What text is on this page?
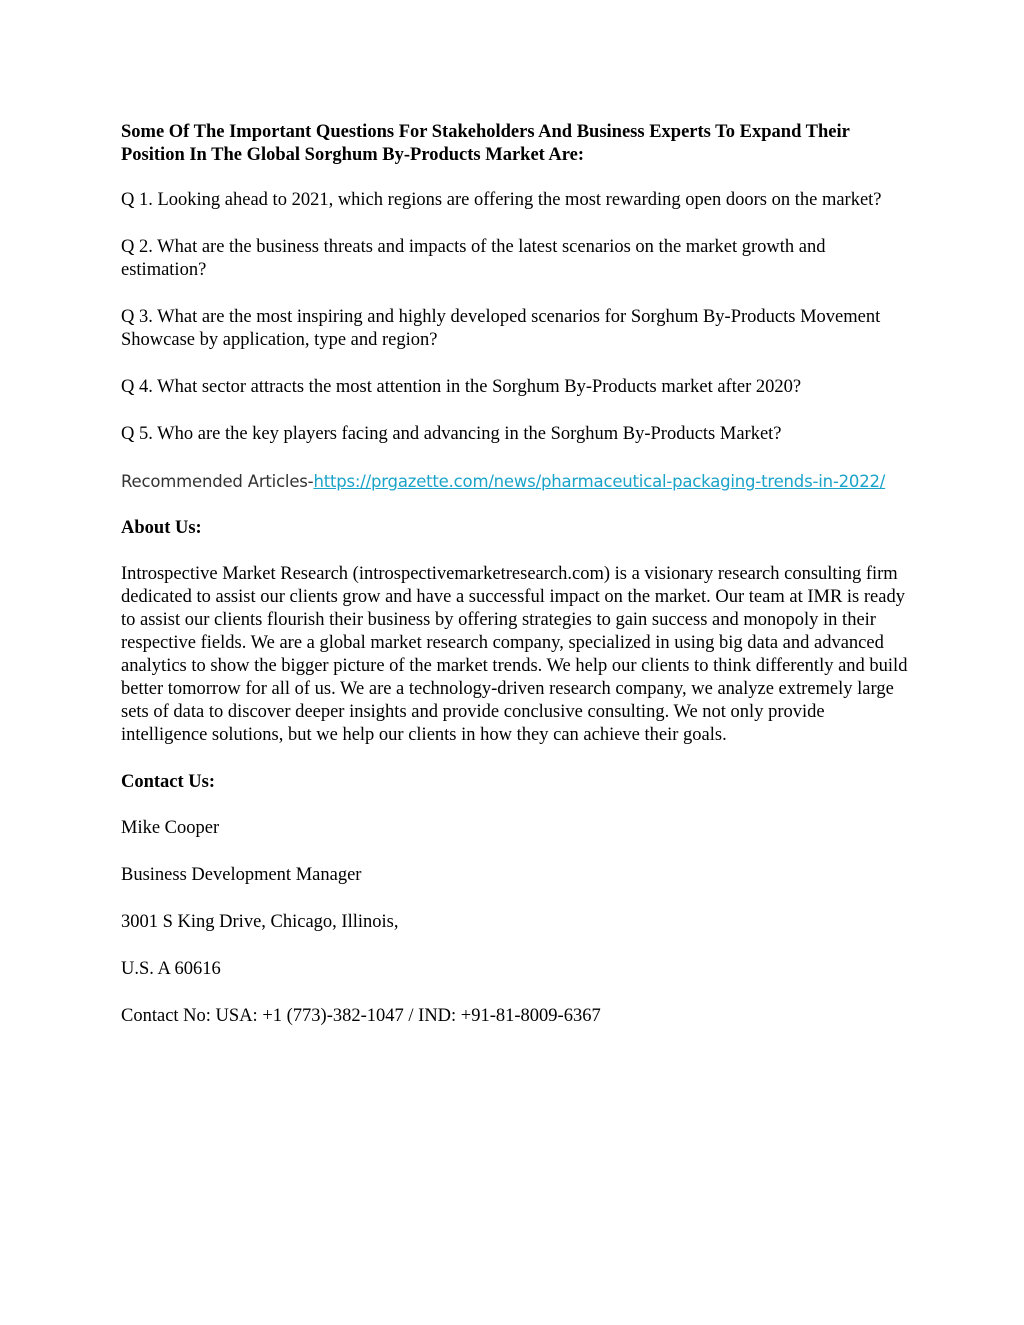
Some Of The Important Questions For Stakeholders And Business Experts To Expand Their Position In The Global Sorghum By-Products Market Are:
Q 1. Looking ahead to 2021, which regions are offering the most rewarding open doors on the market?
Q 2. What are the business threats and impacts of the latest scenarios on the market growth and estimation?
Q 3. What are the most inspiring and highly developed scenarios for Sorghum By-Products Movement Showcase by application, type and region?
Q 4. What sector attracts the most attention in the Sorghum By-Products market after 2020?
Q 5. Who are the key players facing and advancing in the Sorghum By-Products Market?
Recommended Articles-https://prgazette.com/news/pharmaceutical-packaging-trends-in-2022/
About Us:
Introspective Market Research (introspectivemarketresearch.com) is a visionary research consulting firm dedicated to assist our clients grow and have a successful impact on the market. Our team at IMR is ready to assist our clients flourish their business by offering strategies to gain success and monopoly in their respective fields. We are a global market research company, specialized in using big data and advanced analytics to show the bigger picture of the market trends. We help our clients to think differently and build better tomorrow for all of us. We are a technology-driven research company, we analyze extremely large sets of data to discover deeper insights and provide conclusive consulting. We not only provide intelligence solutions, but we help our clients in how they can achieve their goals.
Contact Us:
Mike Cooper
Business Development Manager
3001 S King Drive, Chicago, Illinois,
U.S. A 60616
Contact No: USA: +1 (773)-382-1047 / IND: +91-81-8009-6367
